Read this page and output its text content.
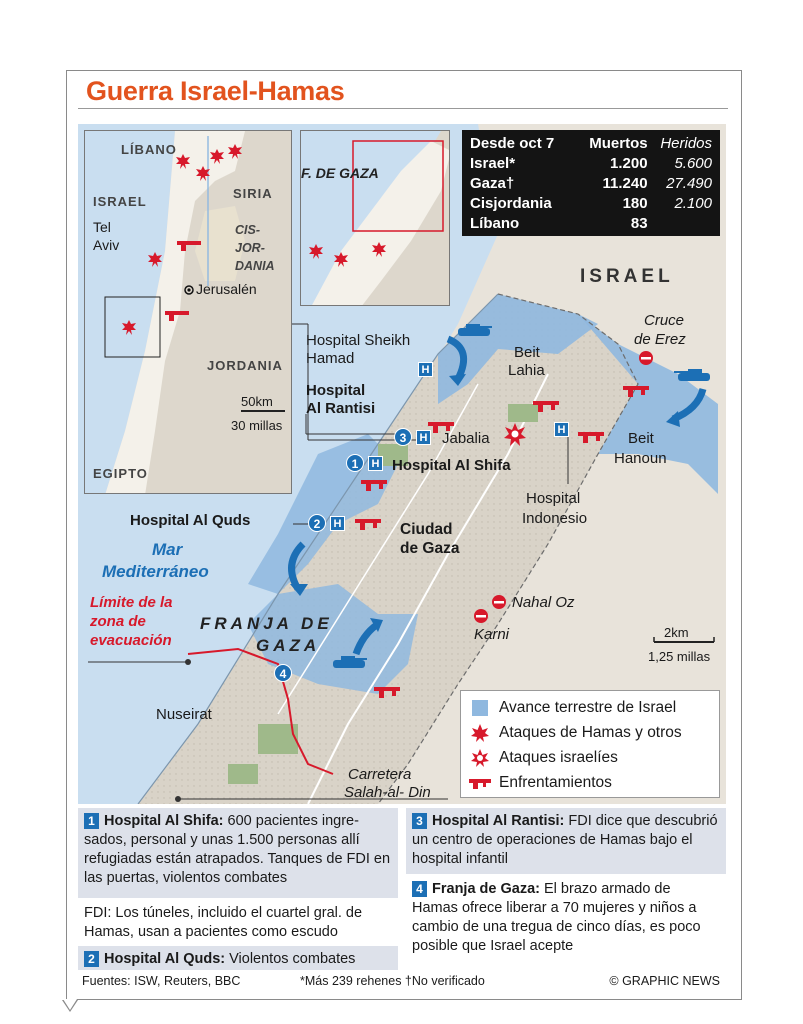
Guerra Israel-Hamas
LÍBANO
SIRIA
ISRAEL
Tel
Aviv
CIS-
JOR-
DANIA
Jerusalén
JORDANIA
50km
30 millas
EGIPTO
F. DE GAZA
ISRAEL
Cruce
de Erez
Hospital Sheikh
Hamad	Beit
Lahia
Hospital
Al Rantisi
Jabalia	Beit
Hanoun
Hospital Al Shifa
Hospital
Indonesio
Hospital Al Quds
Ciudad
de Gaza
Mar
Mediterráneo
Límite de la
zona de
evacuación
FRANJA DE
GAZA
Nahal Oz
Karni	2km
1,25 millas
Nuseirat
Carretera
Salah-al- Din
1	H
2	H
3	H
4
H
H
Desde oct 7	Muertos	Heridos
Israel*	1.200	5.600
Gaza†	11.240	27.490
Cisjordania	180	2.100
Líbano	83	
Avance terrestre de Israel
Ataques de Hamas y otros
Ataques israelíes
Enfrentamientos
1 Hospital Al Shifa: 600 pacientes ingre-sados, personal y unas 1.500 personas allí refugiadas están atrapados. Tanques de FDI en las puertas, violentos combates
FDI: Los túneles, incluido el cuartel gral. de Hamas, usan a pacientes como escudo
2 Hospital Al Quds: Violentos combates
3 Hospital Al Rantisi: FDI dice que descubrió un centro de operaciones de Hamas bajo el hospital infantil
4 Franja de Gaza: El brazo armado de Hamas ofrece liberar a 70 mujeres y niños a cambio de una tregua de cinco días, es poco posible que Israel acepte
Fuentes: ISW, Reuters, BBC	*Más 239 rehenes †No verificado	© GRAPHIC NEWS
